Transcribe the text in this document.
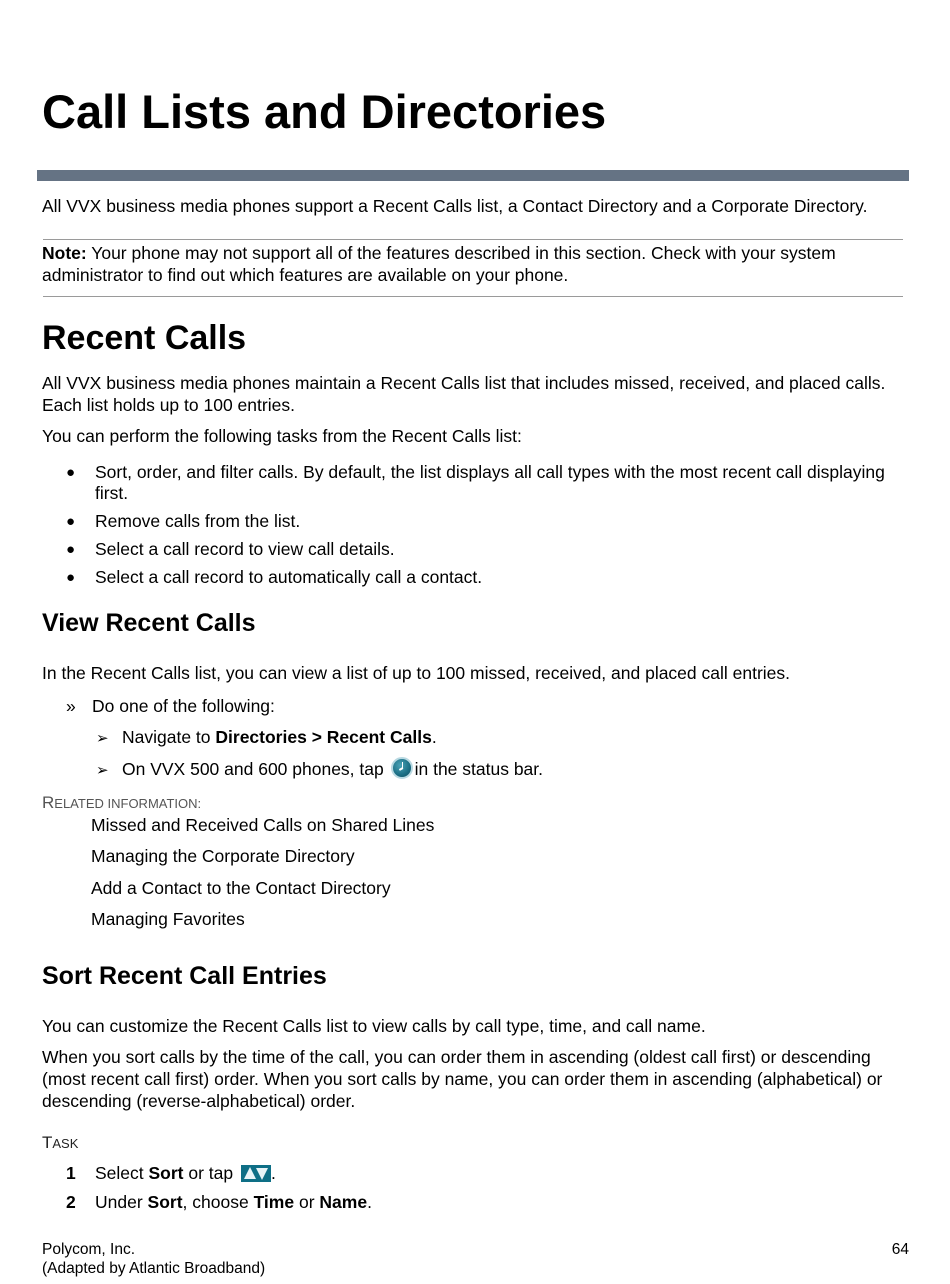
Call Lists and Directories
All VVX business media phones support a Recent Calls list, a Contact Directory and a Corporate Directory.
Note: Your phone may not support all of the features described in this section. Check with your system administrator to find out which features are available on your phone.
Recent Calls
All VVX business media phones maintain a Recent Calls list that includes missed, received, and placed calls. Each list holds up to 100 entries.
You can perform the following tasks from the Recent Calls list:
● Sort, order, and filter calls. By default, the list displays all call types with the most recent call displaying first.
● Remove calls from the list.
● Select a call record to view call details.
● Select a call record to automatically call a contact.
View Recent Calls
In the Recent Calls list, you can view a list of up to 100 missed, received, and placed call entries.
» Do one of the following:
➢ Navigate to Directories > Recent Calls.
➢ On VVX 500 and 600 phones, tap in the status bar.
RELATED INFORMATION:
Missed and Received Calls on Shared Lines
Managing the Corporate Directory
Add a Contact to the Contact Directory
Managing Favorites
Sort Recent Call Entries
You can customize the Recent Calls list to view calls by call type, time, and call name.
When you sort calls by the time of the call, you can order them in ascending (oldest call first) or descending (most recent call first) order. When you sort calls by name, you can order them in ascending (alphabetical) or descending (reverse-alphabetical) order.
TASK
1 Select Sort or tap
.
2 Under Sort, choose Time or Name.
Polycom, Inc.
(Adapted by Atlantic Broadband)
64
